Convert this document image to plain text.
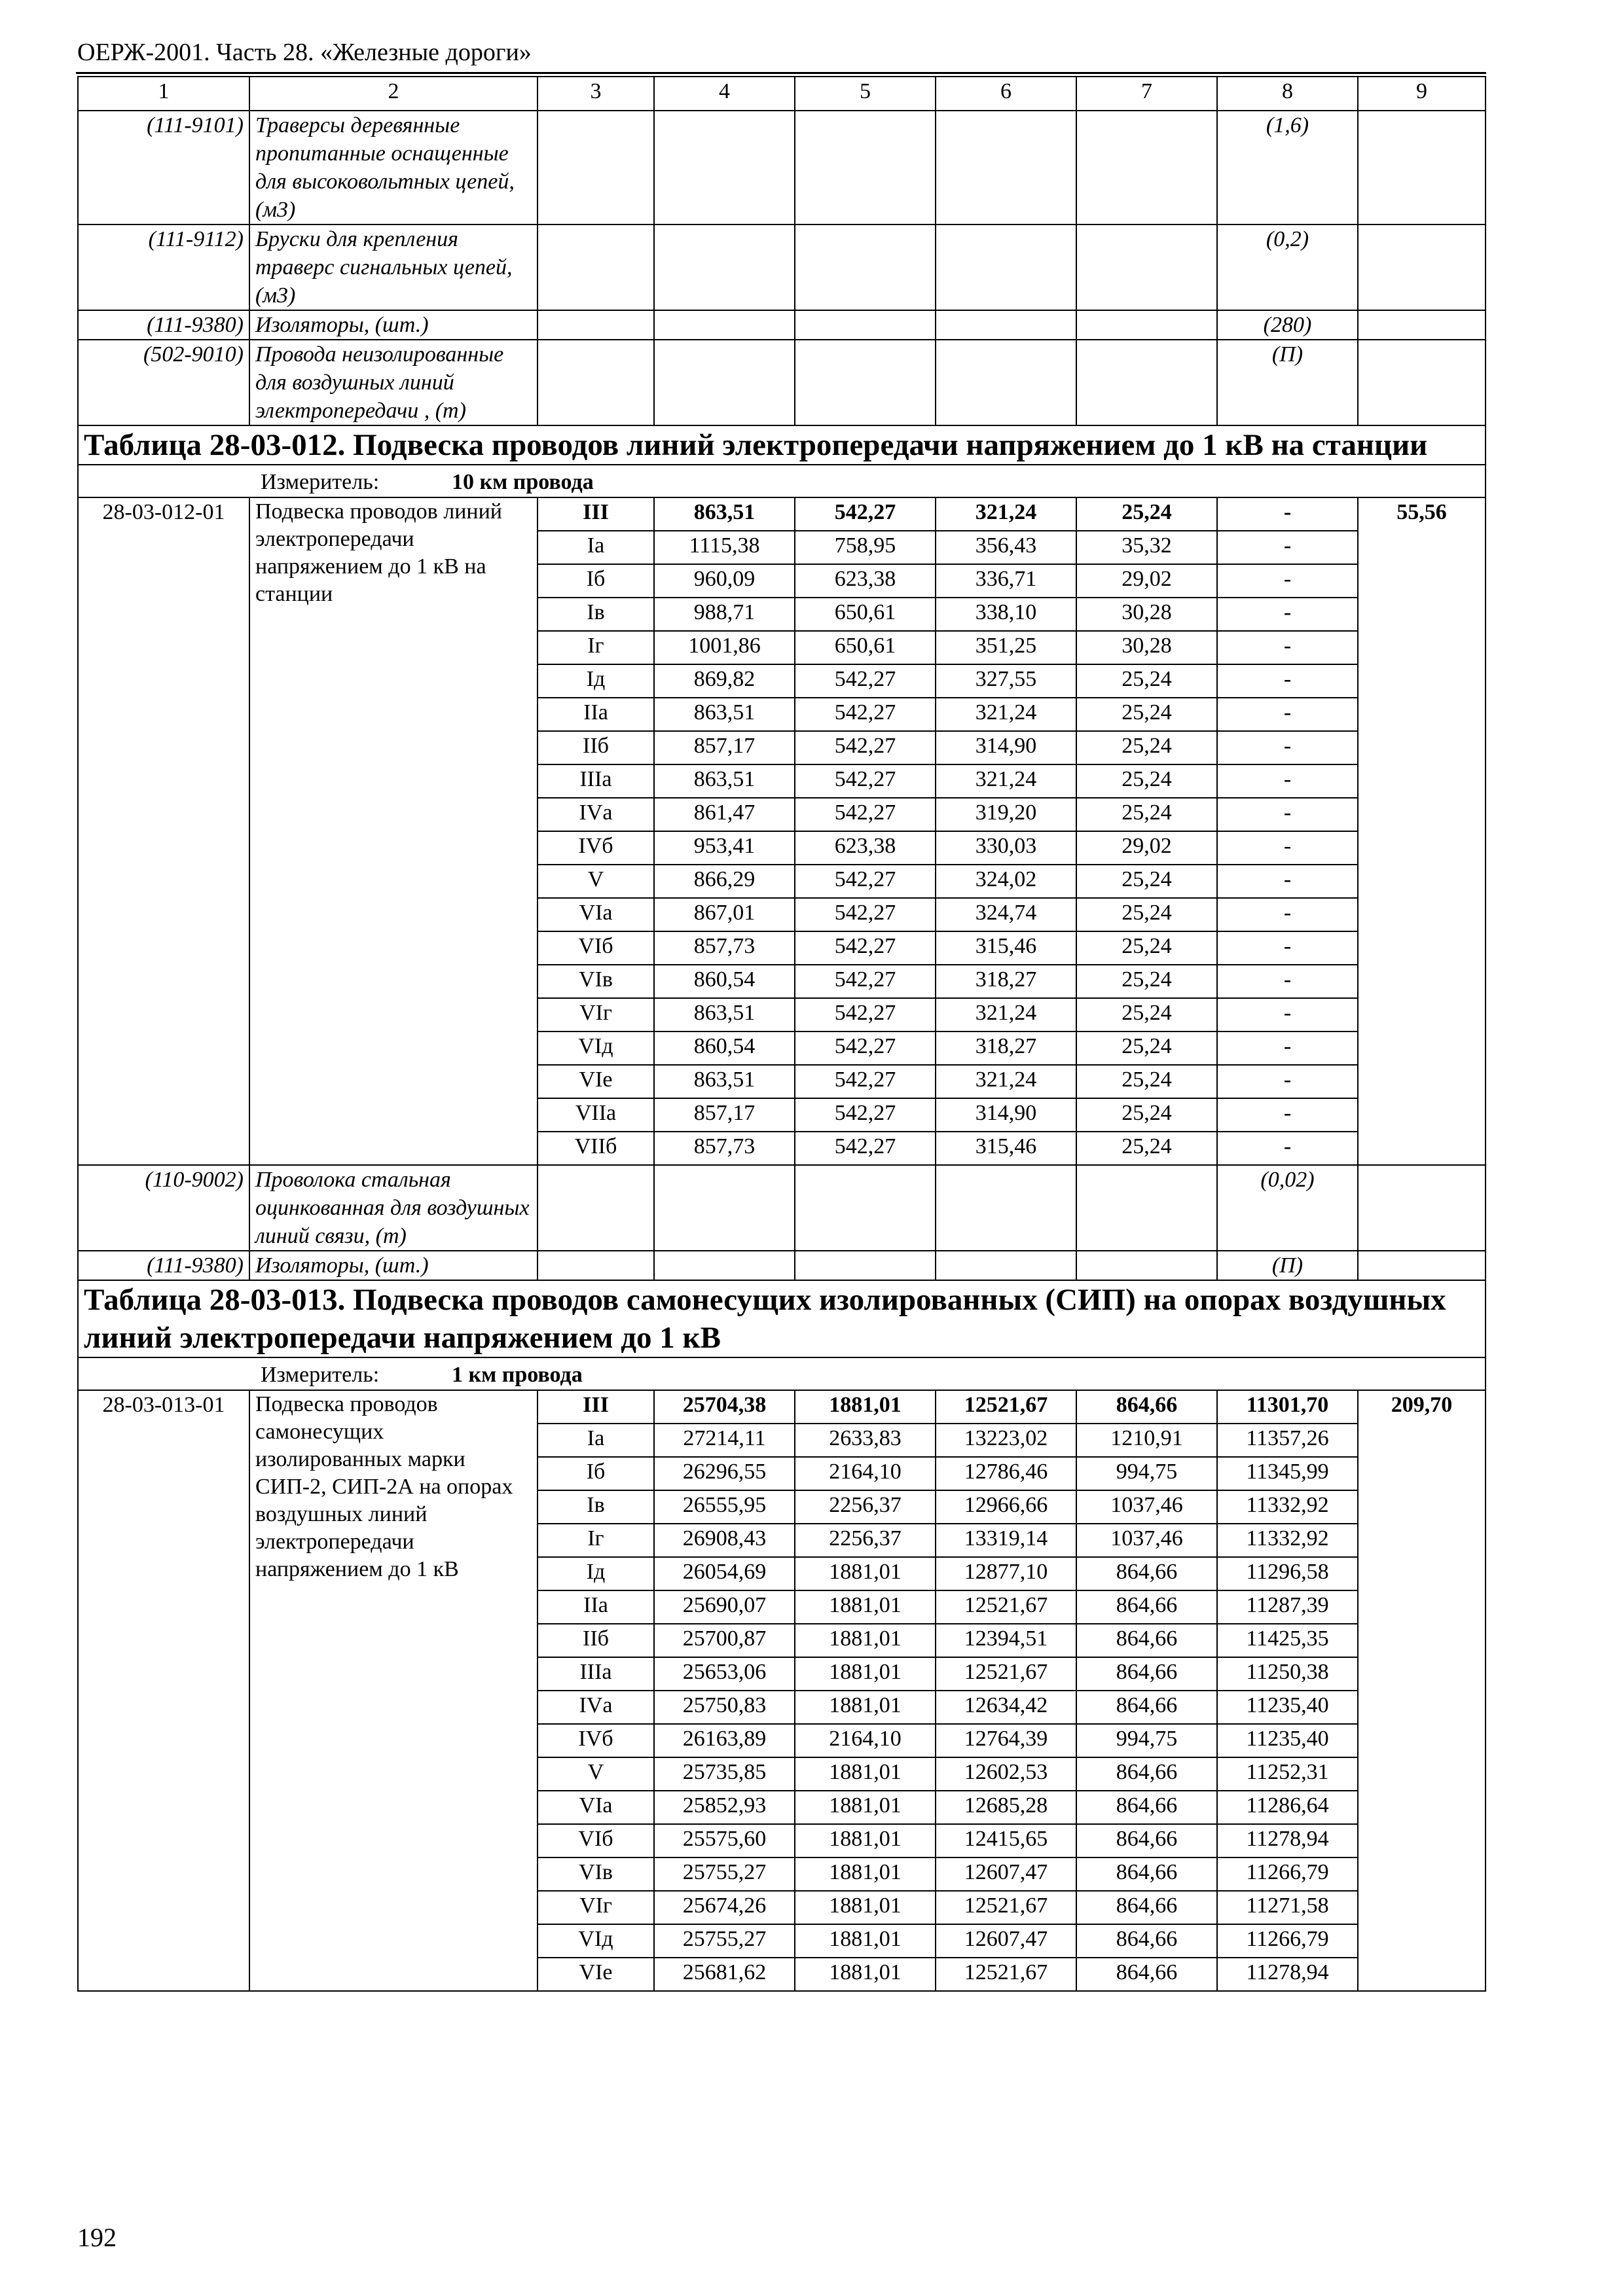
ОЕРЖ-2001. Часть 28. «Железные дороги»
1	2	3	4	5	6	7	8	9
(111-9101)	Траверсы деревянные пропитанные оснащенные для высоковольтных цепей, (м3)						(1,6)	
(111-9112)	Бруски для крепления траверс сигнальных цепей, (м3)						(0,2)	
(111-9380)	Изоляторы, (шт.)						(280)	
(502-9010)	Провода неизолированные для воздушных линий электропередачи , (т)						(П)	

Таблица 28-03-012. Подвеска проводов линий электропередачи напряжением до 1 кВ на станции								

Измеритель: 10 км провода								

28-03-012-01	Подвеска проводов линий электропередачи напряжением до 1 кВ на станции	III	863,51	542,27	321,24	25,24	-	55,56
		Iа	1115,38	758,95	356,43	35,32	-	
		Iб	960,09	623,38	336,71	29,02	-	
		Iв	988,71	650,61	338,10	30,28	-	
		Iг	1001,86	650,61	351,25	30,28	-	
		Iд	869,82	542,27	327,55	25,24	-	
		IIа	863,51	542,27	321,24	25,24	-	
		IIб	857,17	542,27	314,90	25,24	-	
		IIIа	863,51	542,27	321,24	25,24	-	
		IVа	861,47	542,27	319,20	25,24	-	
		IVб	953,41	623,38	330,03	29,02	-	
		V	866,29	542,27	324,02	25,24	-	
		VIа	867,01	542,27	324,74	25,24	-	
		VIб	857,73	542,27	315,46	25,24	-	
		VIв	860,54	542,27	318,27	25,24	-	
		VIг	863,51	542,27	321,24	25,24	-	
		VIд	860,54	542,27	318,27	25,24	-	
		VIе	863,51	542,27	321,24	25,24	-	
		VIIа	857,17	542,27	314,90	25,24	-	
		VIIб	857,73	542,27	315,46	25,24	-	
(110-9002)	Проволока стальная оцинкованная для воздушных линий связи, (т)						(0,02)	
(111-9380)	Изоляторы, (шт.)						(П)	

Таблица 28-03-013. Подвеска проводов самонесущих изолированных (СИП) на опорах воздушных линий электропередачи напряжением до 1 кВ								

Измеритель: 1 км провода								

28-03-013-01	Подвеска проводов самонесущих изолированных марки СИП-2, СИП-2А на опорах воздушных линий электропередачи напряжением до 1 кВ	III	25704,38	1881,01	12521,67	864,66	11301,70	209,70
		Iа	27214,11	2633,83	13223,02	1210,91	11357,26	
		Iб	26296,55	2164,10	12786,46	994,75	11345,99	
		Iв	26555,95	2256,37	12966,66	1037,46	11332,92	
		Iг	26908,43	2256,37	13319,14	1037,46	11332,92	
		Iд	26054,69	1881,01	12877,10	864,66	11296,58	
		IIа	25690,07	1881,01	12521,67	864,66	11287,39	
		IIб	25700,87	1881,01	12394,51	864,66	11425,35	
		IIIа	25653,06	1881,01	12521,67	864,66	11250,38	
		IVа	25750,83	1881,01	12634,42	864,66	11235,40	
		IVб	26163,89	2164,10	12764,39	994,75	11235,40	
		V	25735,85	1881,01	12602,53	864,66	11252,31	
		VIа	25852,93	1881,01	12685,28	864,66	11286,64	
		VIб	25575,60	1881,01	12415,65	864,66	11278,94	
		VIв	25755,27	1881,01	12607,47	864,66	11266,79	
		VIг	25674,26	1881,01	12521,67	864,66	11271,58	
		VIд	25755,27	1881,01	12607,47	864,66	11266,79	
		VIе	25681,62	1881,01	12521,67	864,66	11278,94	
192
